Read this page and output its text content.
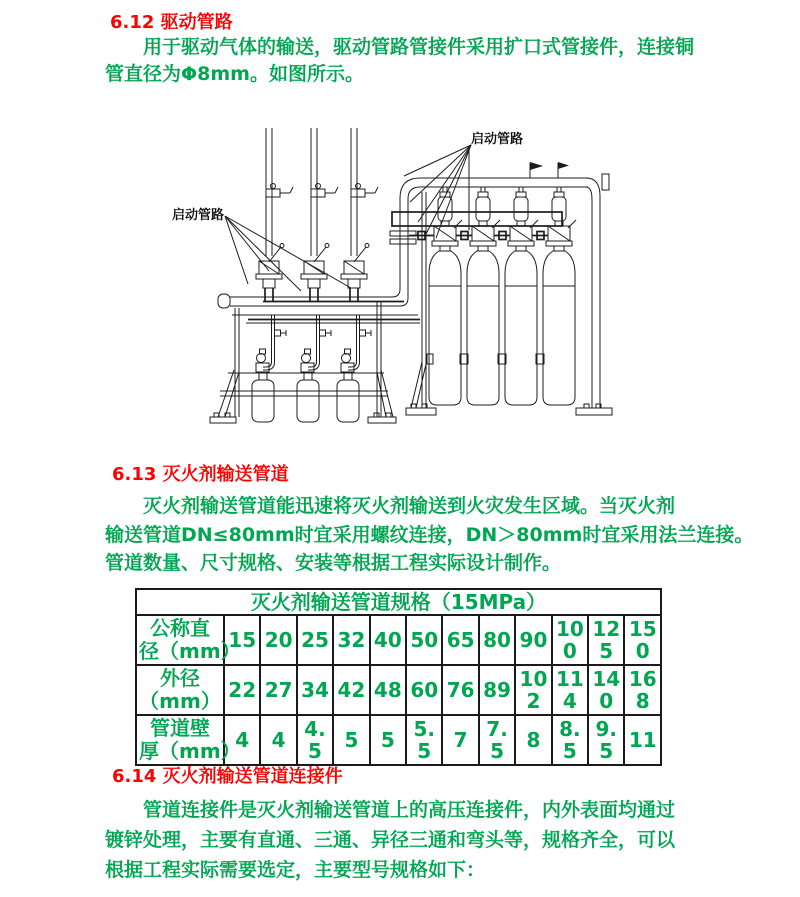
6.12 驱动管路
用于驱动气体的输送，驱动管路管接件采用扩口式管接件，连接铜
管直径为Φ8mm。如图所示。
启动管路
启动管路
6.13 灭火剂输送管道
灭火剂输送管道能迅速将灭火剂输送到火灾发生区域。当灭火剂
输送管道DN≤80mm时宜采用螺纹连接，DN＞80mm时宜采用法兰连接。
管道数量、尺寸规格、安装等根据工程实际设计制作。
灭火剂输送管道规格（15MPa）												

公称直
径（mm）	15	20	25	32	40	50	65	80	90	100	125	150

外径
（mm）	22	27	34	42	48	60	76	89	102	114	140	168

管道壁
厚（mm）	4	4	4.5	5	5	5.5	7	7.5	8	8.5	9.5	11
6.14 灭火剂输送管道连接件
管道连接件是灭火剂输送管道上的高压连接件，内外表面均通过
镀锌处理，主要有直通、三通、异径三通和弯头等，规格齐全，可以
根据工程实际需要选定，主要型号规格如下：
